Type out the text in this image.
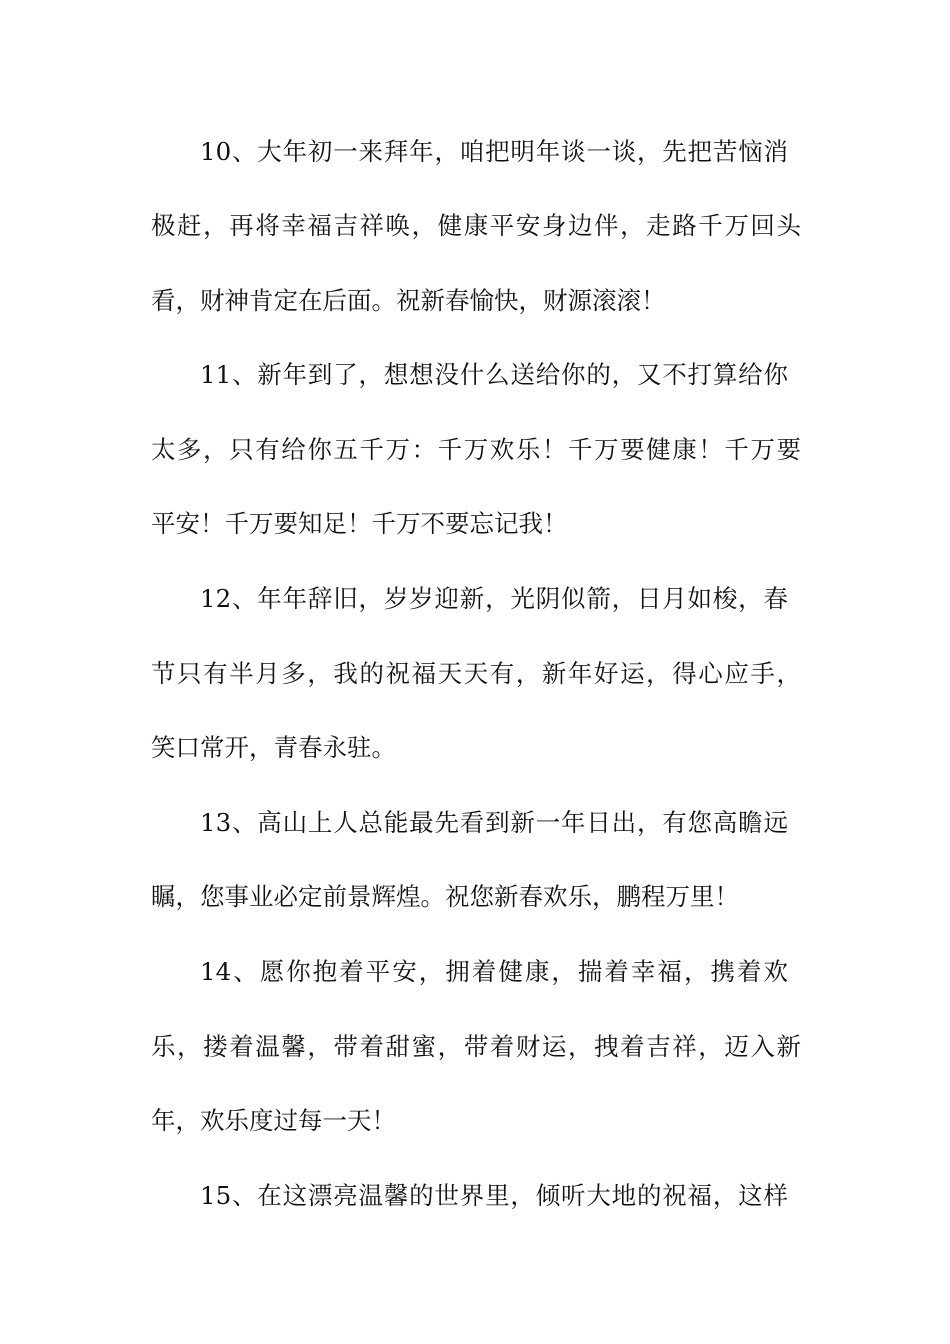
10、大年初一来拜年，咱把明年谈一谈，先把苦恼消
极赶，再将幸福吉祥唤，健康平安身边伴，走路千万回头
看，财神肯定在后面。祝新春愉快，财源滚滚！
11、新年到了，想想没什么送给你的，又不打算给你
太多，只有给你五千万：千万欢乐！千万要健康！千万要
平安！千万要知足！千万不要忘记我！
12、年年辞旧，岁岁迎新，光阴似箭，日月如梭，春
节只有半月多，我的祝福天天有，新年好运，得心应手，
笑口常开，青春永驻。
13、高山上人总能最先看到新一年日出，有您高瞻远
瞩，您事业必定前景辉煌。祝您新春欢乐，鹏程万里！
14、愿你抱着平安，拥着健康，揣着幸福，携着欢
乐，搂着温馨，带着甜蜜，带着财运，拽着吉祥，迈入新
年，欢乐度过每一天！
15、在这漂亮温馨的世界里，倾听大地的祝福，这样
